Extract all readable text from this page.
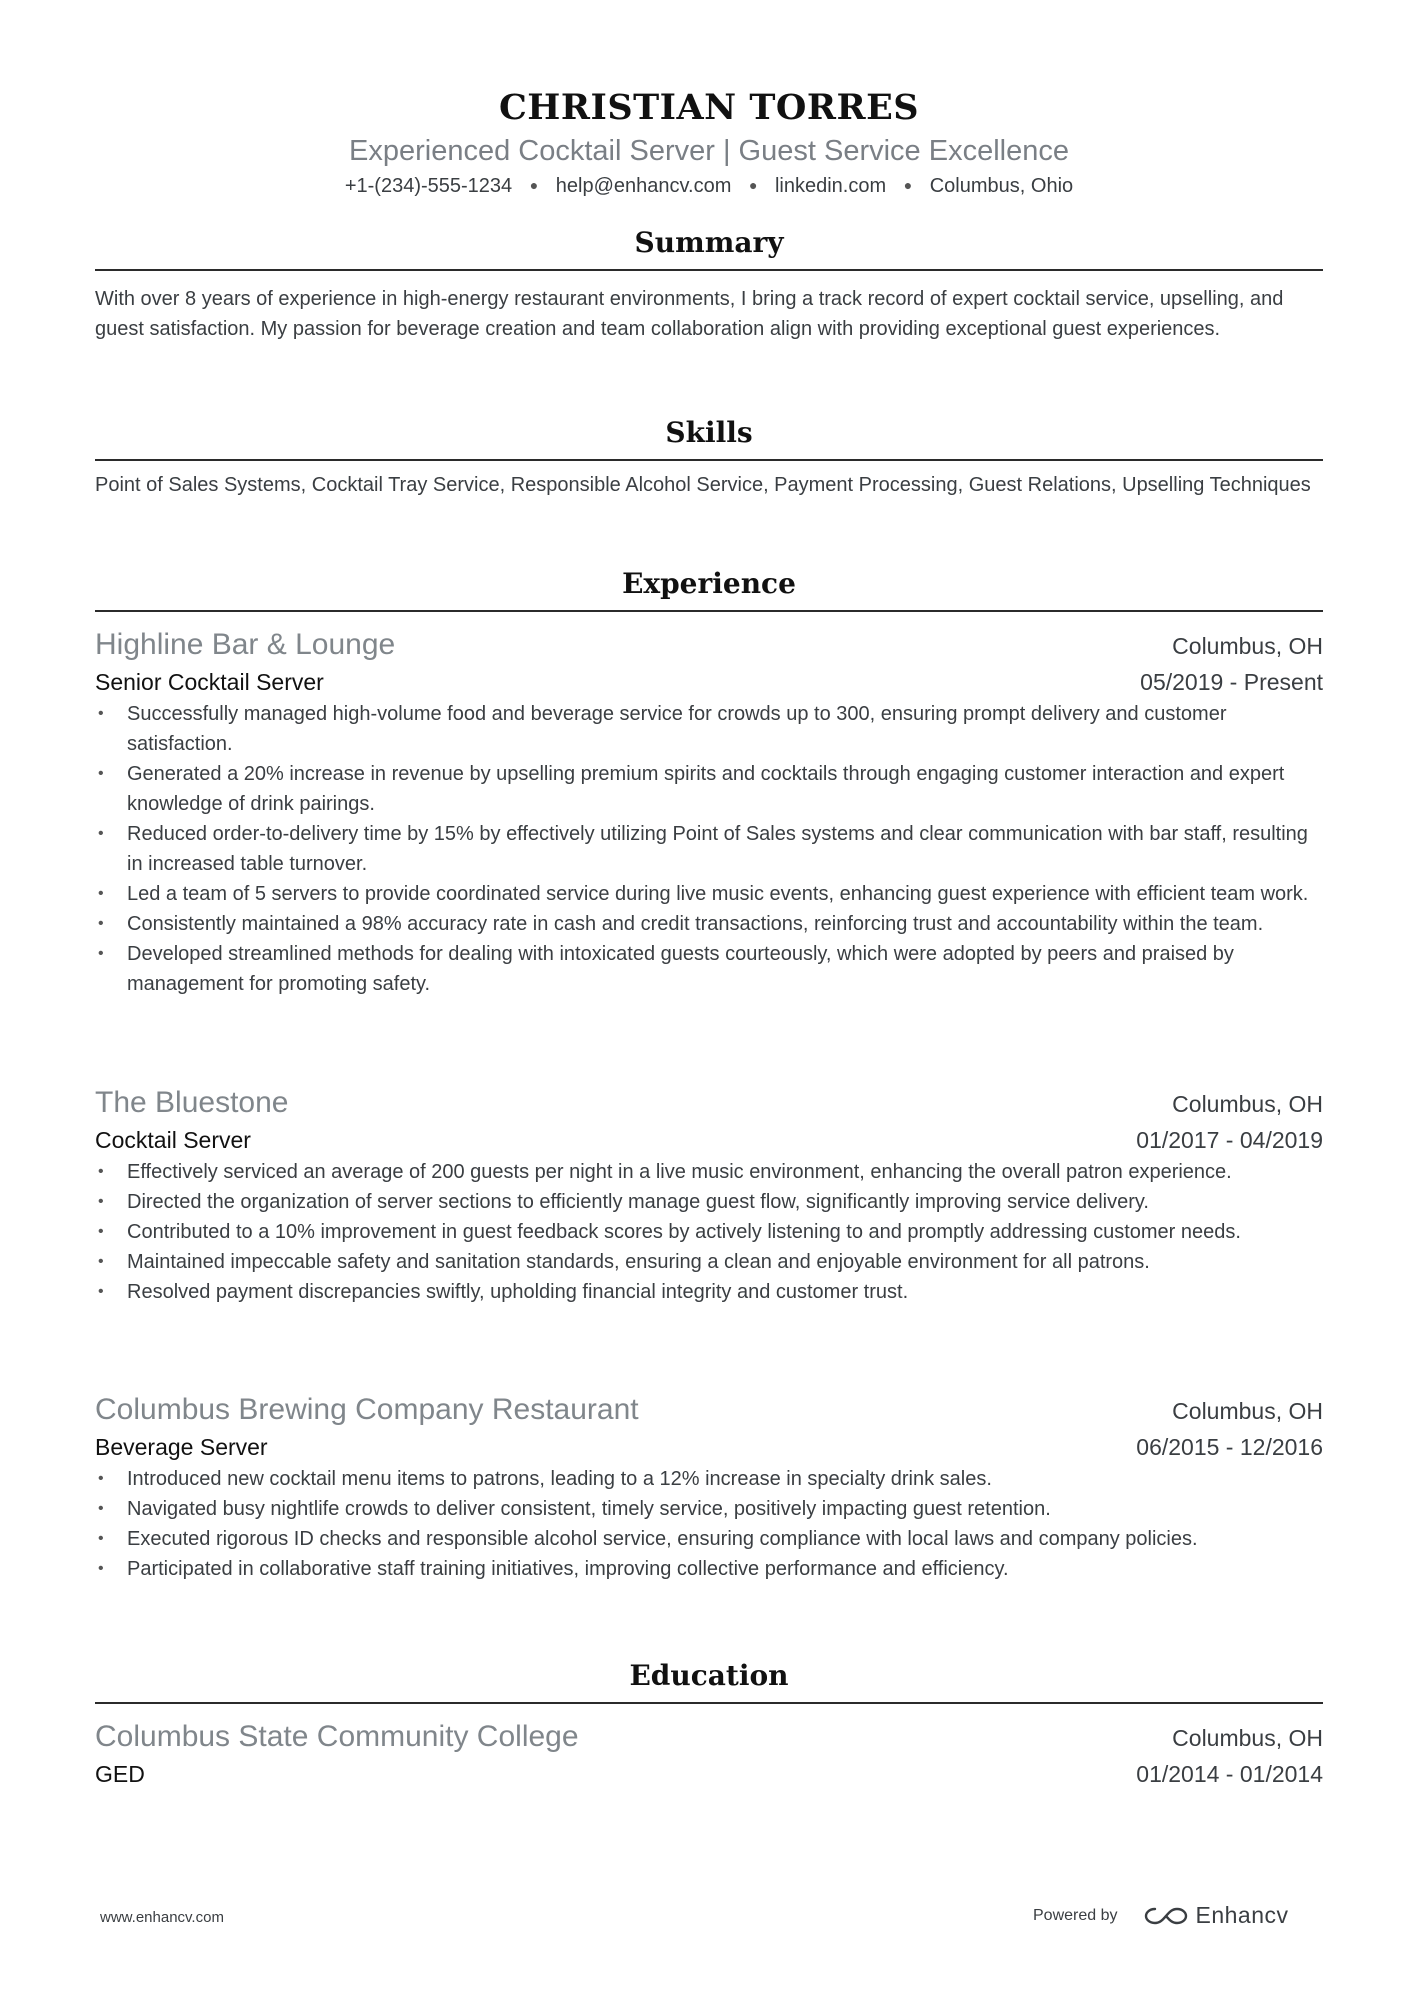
CHRISTIAN TORRES
Experienced Cocktail Server | Guest Service Excellence
+1-(234)-555-1234 ● help@enhancv.com ● linkedin.com ● Columbus, Ohio
Summary
With over 8 years of experience in high-energy restaurant environments, I bring a track record of expert cocktail service, upselling, and guest satisfaction. My passion for beverage creation and team collaboration align with providing exceptional guest experiences.
Skills
Point of Sales Systems, Cocktail Tray Service, Responsible Alcohol Service, Payment Processing, Guest Relations, Upselling Techniques
Experience
Highline Bar & Lounge	Columbus, OH
Senior Cocktail Server	05/2019 - Present
• Successfully managed high-volume food and beverage service for crowds up to 300, ensuring prompt delivery and customer satisfaction.
• Generated a 20% increase in revenue by upselling premium spirits and cocktails through engaging customer interaction and expert knowledge of drink pairings.
• Reduced order-to-delivery time by 15% by effectively utilizing Point of Sales systems and clear communication with bar staff, resulting in increased table turnover.
• Led a team of 5 servers to provide coordinated service during live music events, enhancing guest experience with efficient team work.
• Consistently maintained a 98% accuracy rate in cash and credit transactions, reinforcing trust and accountability within the team.
• Developed streamlined methods for dealing with intoxicated guests courteously, which were adopted by peers and praised by management for promoting safety.
The Bluestone	Columbus, OH
Cocktail Server	01/2017 - 04/2019
• Effectively serviced an average of 200 guests per night in a live music environment, enhancing the overall patron experience.
• Directed the organization of server sections to efficiently manage guest flow, significantly improving service delivery.
• Contributed to a 10% improvement in guest feedback scores by actively listening to and promptly addressing customer needs.
• Maintained impeccable safety and sanitation standards, ensuring a clean and enjoyable environment for all patrons.
• Resolved payment discrepancies swiftly, upholding financial integrity and customer trust.
Columbus Brewing Company Restaurant	Columbus, OH
Beverage Server	06/2015 - 12/2016
• Introduced new cocktail menu items to patrons, leading to a 12% increase in specialty drink sales.
• Navigated busy nightlife crowds to deliver consistent, timely service, positively impacting guest retention.
• Executed rigorous ID checks and responsible alcohol service, ensuring compliance with local laws and company policies.
• Participated in collaborative staff training initiatives, improving collective performance and efficiency.
Education
Columbus State Community College	Columbus, OH
GED	01/2014 - 01/2014
www.enhancv.com	Powered by	Enhancv
